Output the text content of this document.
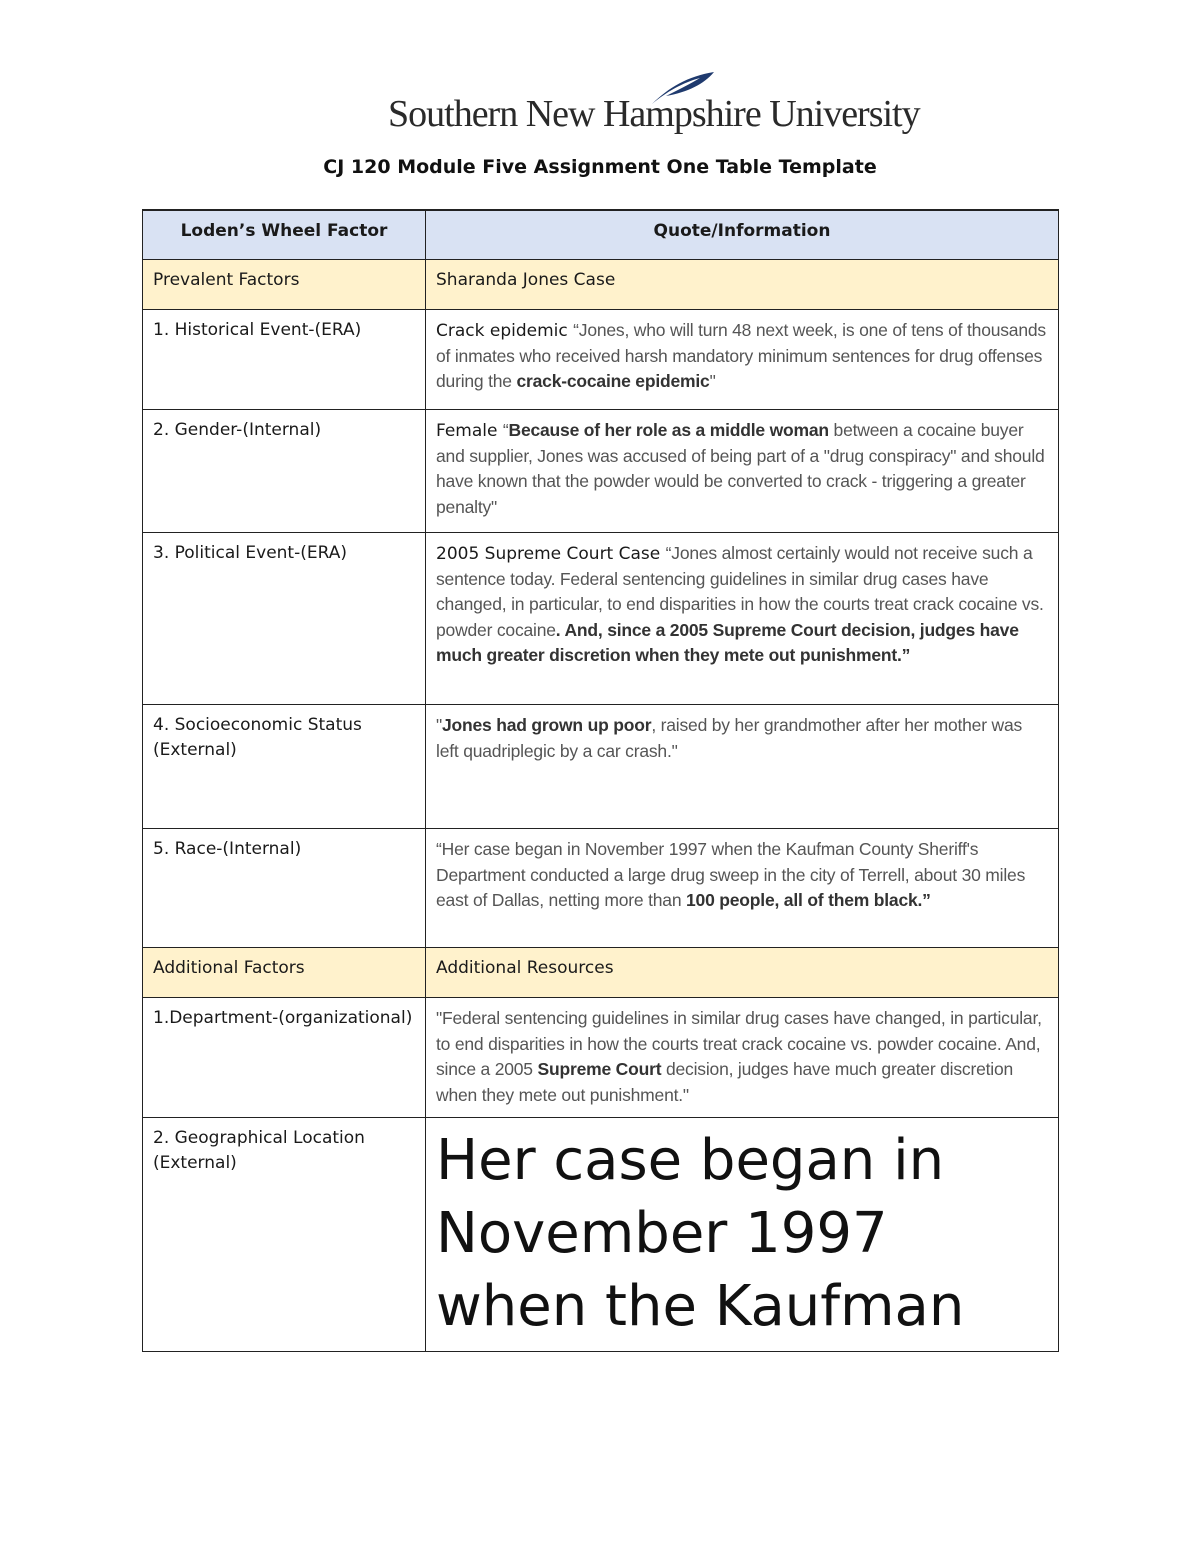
Southern New Hampshire University
CJ 120 Module Five Assignment One Table Template
Loden’s Wheel Factor	Quote/Information
Prevalent Factors	Sharanda Jones Case
1. Historical Event-(ERA)	Crack epidemic “Jones, who will turn 48 next week, is one of tens of thousands of inmates who received harsh mandatory minimum sentences for drug offenses during the crack-cocaine epidemic"
2. Gender-(Internal)	Female “Because of her role as a middle woman between a cocaine buyer and supplier, Jones was accused of being part of a "drug conspiracy" and should have known that the powder would be converted to crack - triggering a greater penalty"
3. Political Event-(ERA)	2005 Supreme Court Case “Jones almost certainly would not receive such a sentence today. Federal sentencing guidelines in similar drug cases have changed, in particular, to end disparities in how the courts treat crack cocaine vs. powder cocaine. And, since a 2005 Supreme Court decision, judges have much greater discretion when they mete out punishment.”
4. Socioeconomic Status (External)	"Jones had grown up poor, raised by her grandmother after her mother was left quadriplegic by a car crash."
5. Race-(Internal)	“Her case began in November 1997 when the Kaufman County Sheriff's Department conducted a large drug sweep in the city of Terrell, about 30 miles east of Dallas, netting more than 100 people, all of them black.”
Additional Factors	Additional Resources
1.Department-(organizational)	"Federal sentencing guidelines in similar drug cases have changed, in particular, to end disparities in how the courts treat crack cocaine vs. powder cocaine. And, since a 2005 Supreme Court decision, judges have much greater discretion when they mete out punishment."
2. Geographical Location (External)	Her case began in
November 1997
when the Kaufman
